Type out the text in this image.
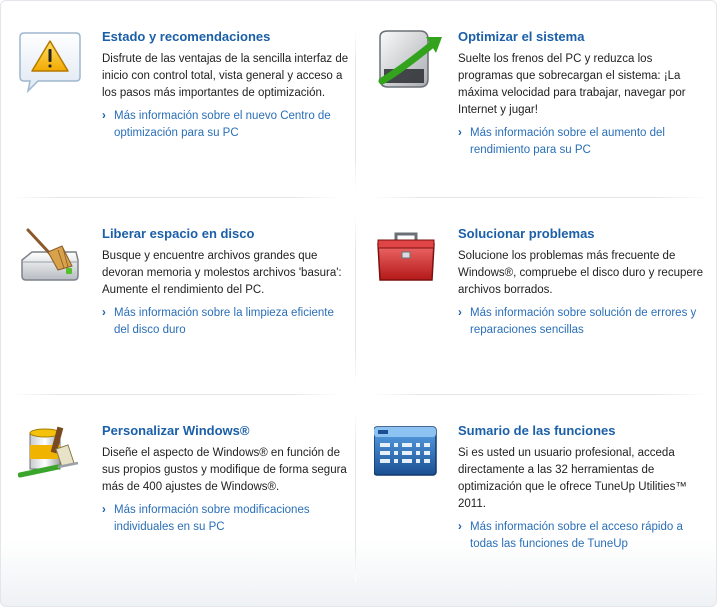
Estado y recomendaciones
Disfrute de las ventajas de la sencilla interfaz de inicio con control total, vista general y acceso a los pasos más importantes de optimización.
› Más información sobre el nuevo Centro de optimización para su PC
Optimizar el sistema
Suelte los frenos del PC y reduzca los programas que sobrecargan el sistema: ¡La máxima velocidad para trabajar, navegar por Internet y jugar!
› Más información sobre el aumento del rendimiento para su PC
Liberar espacio en disco
Busque y encuentre archivos grandes que devoran memoria y molestos archivos 'basura': Aumente el rendimiento del PC.
› Más información sobre la limpieza eficiente del disco duro
Solucionar problemas
Solucione los problemas más frecuente de Windows®, compruebe el disco duro y recupere archivos borrados.
› Más información sobre solución de errores y reparaciones sencillas
Personalizar Windows®
Diseñe el aspecto de Windows® en función de sus propios gustos y modifique de forma segura más de 400 ajustes de Windows®.
› Más información sobre modificaciones individuales en su PC
Sumario de las funciones
Si es usted un usuario profesional, acceda directamente a las 32 herramientas de optimización que le ofrece TuneUp Utilities™ 2011.
› Más información sobre el acceso rápido a todas las funciones de TuneUp
